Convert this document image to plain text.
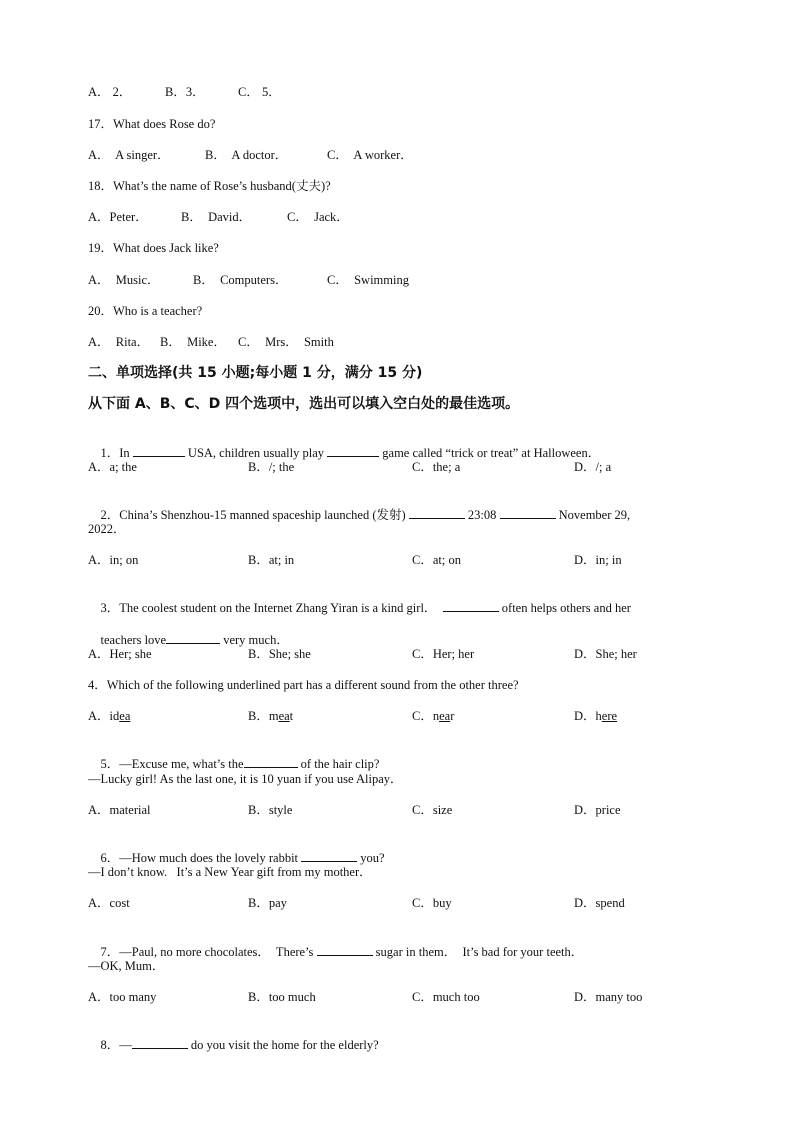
A． 2．	B．3．	C． 5．
17．What does Rose do?
A．  A singer．	B．  A doctor．	C．  A worker．
18．What’s the name of Rose’s husband(丈夫)?
A．Peter．	B．  David．	C．  Jack．
19．What does Jack like?
A．  Music．	B．  Computers．	C．  Swimming
20．Who is a teacher?
A．  Rita． B．  Mike． C．  Mrs．  Smith
二、单项选择(共 15 小题;每小题 1 分，满分 15 分)
从下面 A、B、C、D 四个选项中，选出可以填入空白处的最佳选项。

1．In	USA, children usually play	game called “trick or treat” at Halloween．

A．a; the	B．/; the	C．the; a	D．/; a

2．China’s Shenzhou-15 manned spaceship launched (发射)	23:08	November 29,

2022．
A．in; on	B．at; in	C．at; on	D．in; in

3．The coolest student on the Internet Zhang Yiran is a kind girl．	often helps others and her

teachers love	very much．

A．Her; she	B．She; she	C．Her; her	D．She; her
4．Which of the following underlined part has a different sound from the other three?
A．idea	B．meat	C．near	D．here

5．—Excuse me, what’s the	of the hair clip?

—Lucky girl! As the last one, it is 10 yuan if you use Alipay．
A．material	B．style	C．size	D．price

6．—How much does the lovely rabbit	you?

—I don’t know.   It’s a New Year gift from my mother．
A．cost	B．pay	C．buy	D．spend

7．—Paul, no more chocolates．  There’s	sugar in them．  It’s bad for your teeth．

—OK, Mum．
A．too many	B．too much	C．much too	D．many too

8．—	do you visit the home for the elderly?
